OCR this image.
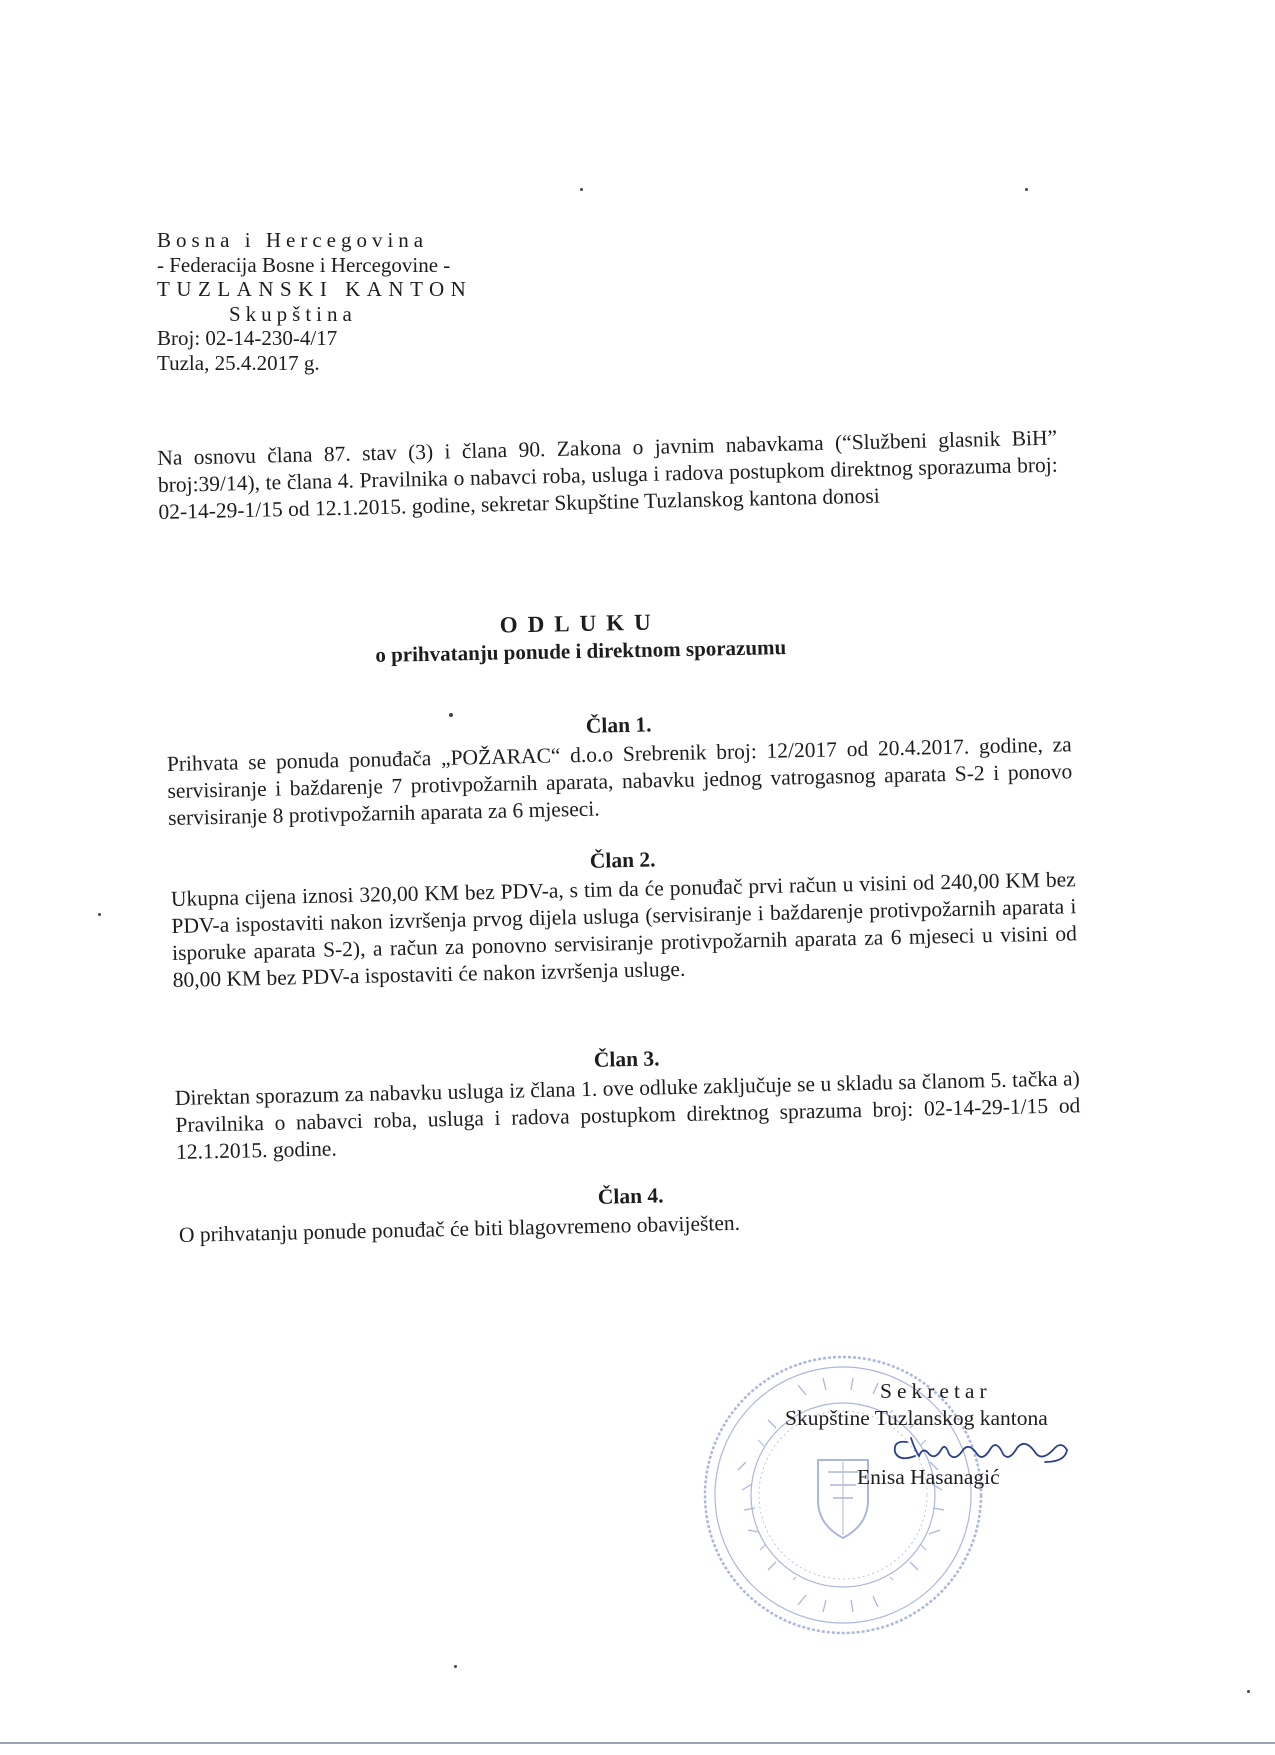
Bosna i Hercegovina
- Federacija Bosne i Hercegovine -
TUZLANSKI KANTON
Skupština
Broj: 02-14-230-4/17
Tuzla, 25.4.2017 g.
Na osnovu člana 87. stav (3) i člana 90. Zakona o javnim nabavkama (“Službeni glasnik BiH” broj:39/14), te člana 4. Pravilnika o nabavci roba, usluga i radova postupkom direktnog sporazuma broj: 02-14-29-1/15 od 12.1.2015. godine, sekretar Skupštine Tuzlanskog kantona donosi
ODLUKU
o prihvatanju ponude i direktnom sporazumu
Član 1.
Prihvata se ponuda ponuđača „POŽARAC“ d.o.o Srebrenik broj: 12/2017 od 20.4.2017. godine, za servisiranje i baždarenje 7 protivpožarnih aparata, nabavku jednog vatrogasnog aparata S-2 i ponovo servisiranje 8 protivpožarnih aparata za 6 mjeseci.
Član 2.
Ukupna cijena iznosi 320,00 KM bez PDV-a, s tim da će ponuđač prvi račun u visini od 240,00 KM bez PDV-a ispostaviti nakon izvršenja prvog dijela usluga (servisiranje i baždarenje protivpožarnih aparata i isporuke aparata S-2), a račun za ponovno servisiranje protivpožarnih aparata za 6 mjeseci u visini od 80,00 KM bez PDV-a ispostaviti će nakon izvršenja usluge.
Član 3.
Direktan sporazum za nabavku usluga iz člana 1. ove odluke zaključuje se u skladu sa članom 5. tačka a) Pravilnika o nabavci roba, usluga i radova postupkom direktnog sprazuma broj: 02-14-29-1/15 od 12.1.2015. godine.
Član 4.
O prihvatanju ponude ponuđač će biti blagovremeno obaviješten.
Sekretar
Skupštine Tuzlanskog kantona
Enisa Hasanagić
